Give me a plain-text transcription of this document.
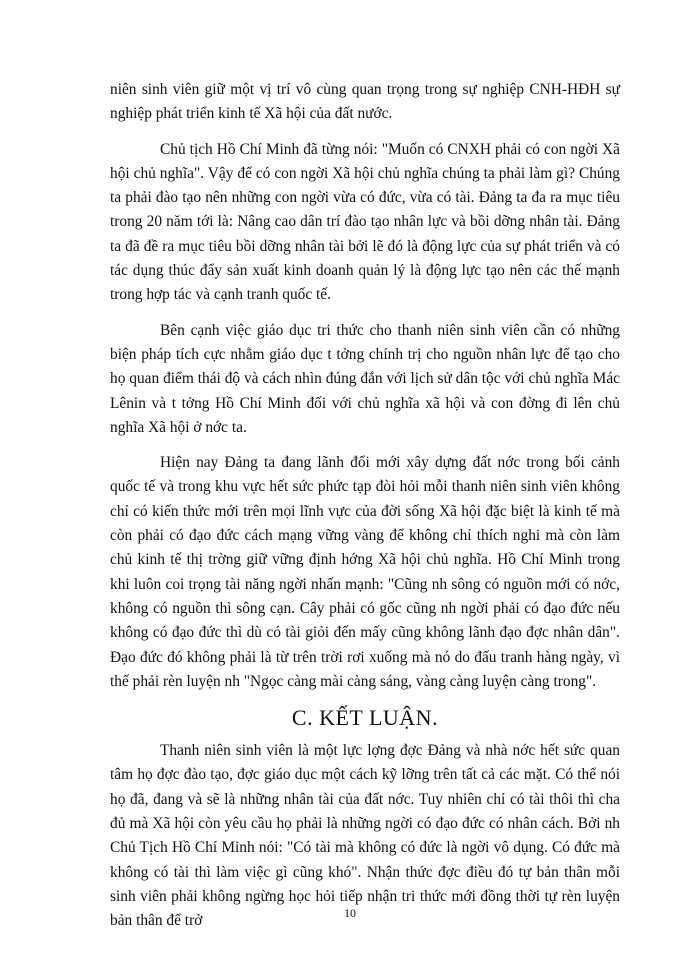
niên sinh viên giữ một vị trí vô cùng quan trọng trong sự nghiệp CNH-HĐH sự nghiệp phát triển kinh tế Xã hội của đất nước.

Chủ tịch Hồ Chí Minh đã từng nói: "Muốn có CNXH phải có con ngời Xã hội chủ nghĩa". Vậy để có con ngời Xã hội chủ nghĩa chúng ta phải làm gì? Chúng ta phải đào tạo nên những con ngời vừa có đức, vừa có tài. Đảng ta đa ra mục tiêu trong 20 năm tới là: Nâng cao dân trí đào tạo nhân lực và bồi dỡng nhân tài. Đảng ta đã đề ra mục tiêu bồi dỡng nhân tài bởi lẽ đó là động lực của sự phát triển và có tác dụng thúc đẩy sản xuất kinh doanh quản lý là động lực tạo nên các thế mạnh trong hợp tác và cạnh tranh quốc tế.

Bên cạnh việc giáo dục tri thức cho thanh niên sinh viên cần có những biện pháp tích cực nhằm giáo dục t tởng chính trị cho nguồn nhân lực để tạo cho họ quan điểm thái độ và cách nhìn đúng đắn với lịch sử dân tộc với chủ nghĩa Mác Lênin và t tởng Hồ Chí Minh đối với chủ nghĩa xã hội và con đờng đi lên chủ nghĩa Xã hội ở nớc ta.

Hiện nay Đảng ta đang lãnh đổi mới xây dựng đất nớc trong bối cảnh quốc tế và trong khu vực hết sức phức tạp đòi hỏi mỗi thanh niên sinh viên không chỉ có kiến thức mới trên mọi lĩnh vực của đời sống Xã hội đặc biệt là kinh tế mà còn phải có đạo đức cách mạng vững vàng để không chỉ thích nghi mà còn làm chủ kinh tế thị trờng giữ vững định hớng Xã hội chủ nghĩa. Hồ Chí Minh trong khi luôn coi trọng tài năng ngời nhấn mạnh: "Cũng nh sông có nguồn mới có nớc, không có nguồn thì sông cạn. Cây phải có gốc cũng nh ngời phải có đạo đức nếu không có đạo đức thì dù có tài giỏi đến mấy cũng không lãnh đạo đợc nhân dân". Đạo đức đó không phải là từ trên trời rơi xuống mà nó do đấu tranh hàng ngày, vì thế phải rèn luyện nh "Ngọc càng mài càng sáng, vàng càng luyện càng trong".

C. KẾT LUẬN.

Thanh niên sinh viên là một lực lợng đợc Đảng và nhà nớc hết sức quan tâm họ đợc đào tạo, đợc giáo dục một cách kỹ lỡng trên tất cả các mặt. Có thể nói họ đã, đang và sẽ là những nhân tài của đất nớc. Tuy nhiên chỉ có tài thôi thì cha đủ mà Xã hội còn yêu cầu họ phải là những ngời có đạo đức có nhân cách. Bởi nh Chủ Tịch Hồ Chí Minh nói: "Có tài mà không có đức là ngời vô dụng. Có đức mà không có tài thì làm việc gì cũng khó". Nhận thức đợc điều đó tự bản thân mỗi sinh viên phải không ngừng học hỏi tiếp nhận tri thức mới đồng thời tự rèn luyện bản thân để trở	10
